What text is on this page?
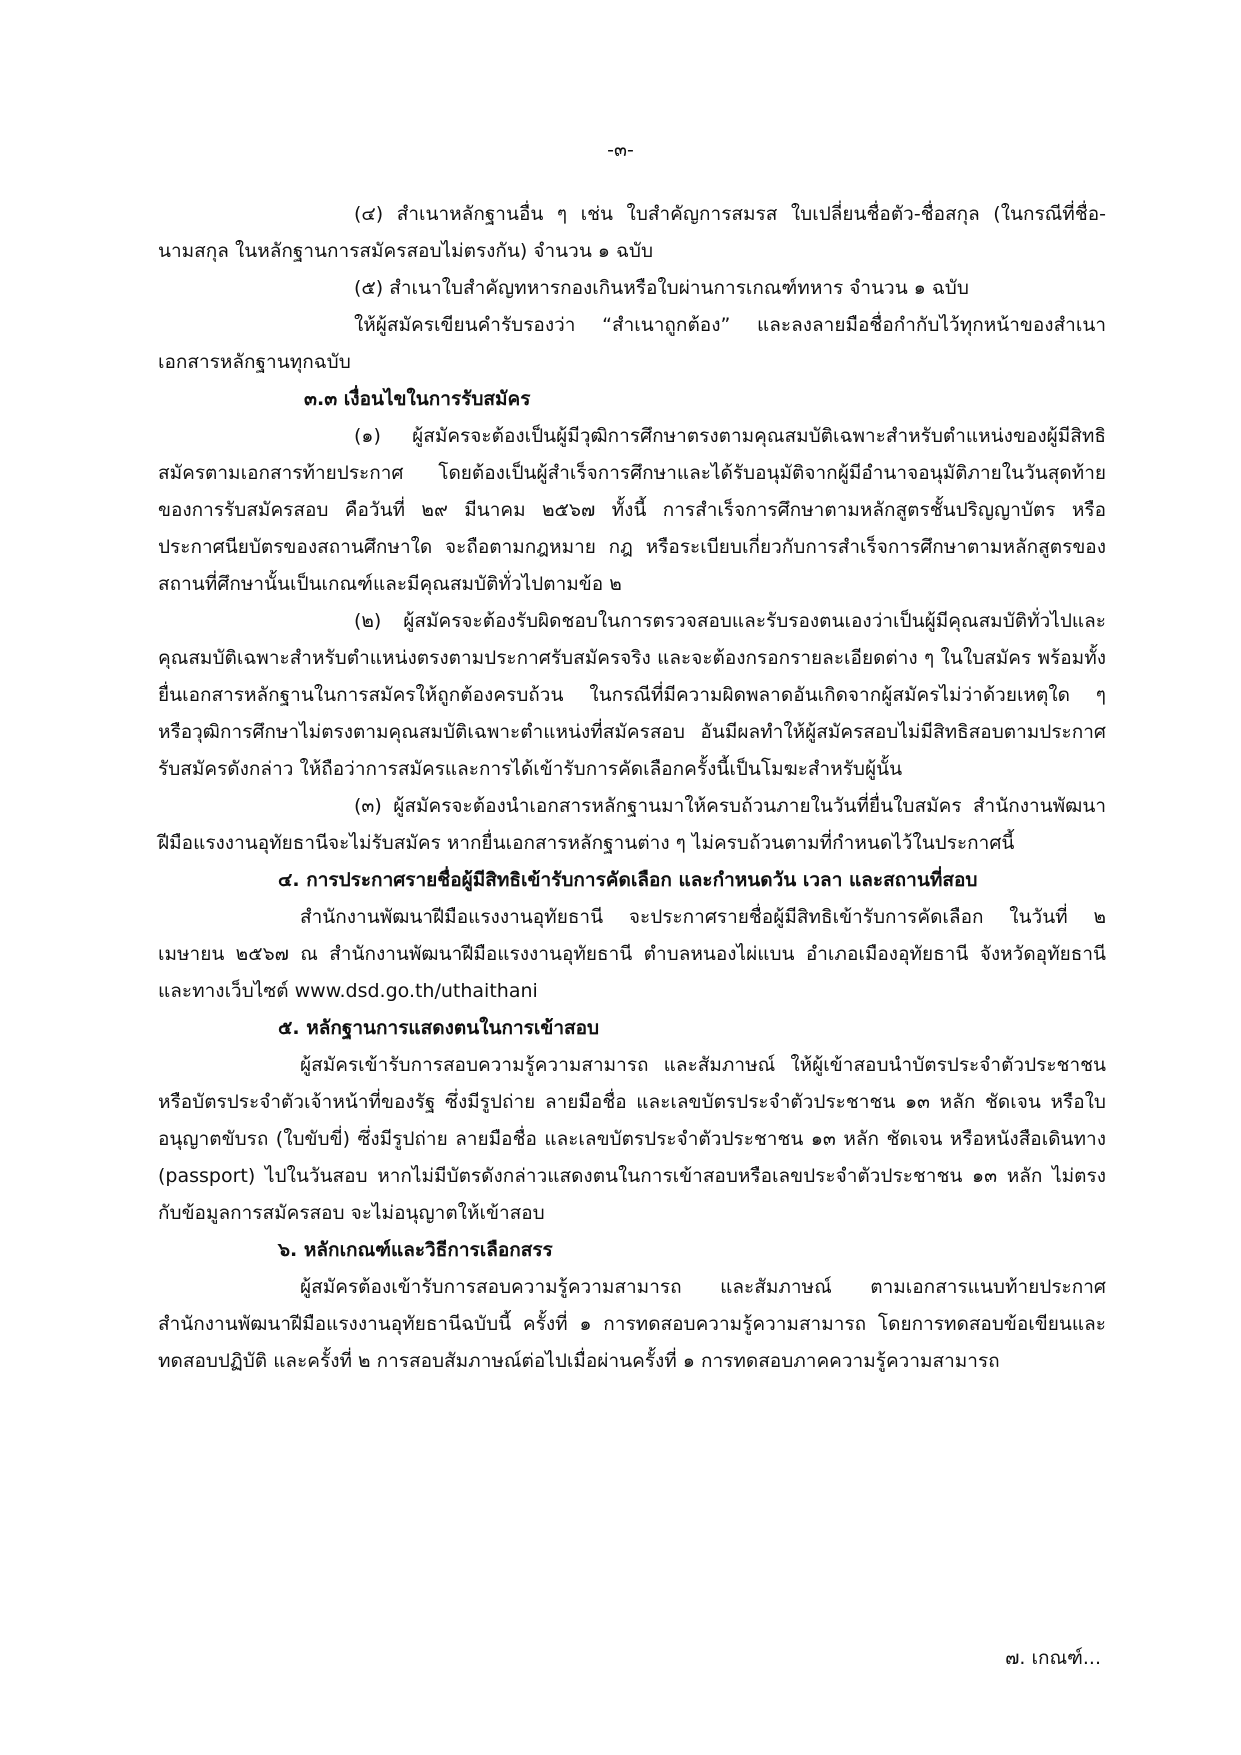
-๓-

(๔) สำเนาหลักฐานอื่น ๆ เช่น ใบสำคัญการสมรส ใบเปลี่ยนชื่อตัว-ชื่อสกุล (ในกรณีที่ชื่อ-นามสกุล ในหลักฐานการสมัครสอบไม่ตรงกัน) จำนวน ๑ ฉบับ

(๕) สำเนาใบสำคัญทหารกองเกินหรือใบผ่านการเกณฑ์ทหาร จำนวน ๑ ฉบับ

ให้ผู้สมัครเขียนคำรับรองว่า “สำเนาถูกต้อง” และลงลายมือชื่อกำกับไว้ทุกหน้าของสำเนาเอกสารหลักฐานทุกฉบับ

๓.๓ เงื่อนไขในการรับสมัคร

(๑) ผู้สมัครจะต้องเป็นผู้มีวุฒิการศึกษาตรงตามคุณสมบัติเฉพาะสำหรับตำแหน่งของผู้มีสิทธิสมัครตามเอกสารท้ายประกาศ โดยต้องเป็นผู้สำเร็จการศึกษาและได้รับอนุมัติจากผู้มีอำนาจอนุมัติภายในวันสุดท้ายของการรับสมัครสอบ คือวันที่ ๒๙ มีนาคม ๒๕๖๗ ทั้งนี้ การสำเร็จการศึกษาตามหลักสูตรชั้นปริญญาบัตร หรือประกาศนียบัตรของสถานศึกษาใด จะถือตามกฎหมาย กฎ หรือระเบียบเกี่ยวกับการสำเร็จการศึกษาตามหลักสูตรของสถานที่ศึกษานั้นเป็นเกณฑ์และมีคุณสมบัติทั่วไปตามข้อ ๒

(๒) ผู้สมัครจะต้องรับผิดชอบในการตรวจสอบและรับรองตนเองว่าเป็นผู้มีคุณสมบัติทั่วไปและคุณสมบัติเฉพาะสำหรับตำแหน่งตรงตามประกาศรับสมัครจริง และจะต้องกรอกรายละเอียดต่าง ๆ ในใบสมัคร พร้อมทั้งยื่นเอกสารหลักฐานในการสมัครให้ถูกต้องครบถ้วน ในกรณีที่มีความผิดพลาดอันเกิดจากผู้สมัครไม่ว่าด้วยเหตุใด ๆ หรือวุฒิการศึกษาไม่ตรงตามคุณสมบัติเฉพาะตำแหน่งที่สมัครสอบ อันมีผลทำให้ผู้สมัครสอบไม่มีสิทธิสอบตามประกาศรับสมัครดังกล่าว ให้ถือว่าการสมัครและการได้เข้ารับการคัดเลือกครั้งนี้เป็นโมฆะสำหรับผู้นั้น

(๓) ผู้สมัครจะต้องนำเอกสารหลักฐานมาให้ครบถ้วนภายในวันที่ยื่นใบสมัคร สำนักงานพัฒนาฝีมือแรงงานอุทัยธานีจะไม่รับสมัคร หากยื่นเอกสารหลักฐานต่าง ๆ ไม่ครบถ้วนตามที่กำหนดไว้ในประกาศนี้

๔. การประกาศรายชื่อผู้มีสิทธิเข้ารับการคัดเลือก และกำหนดวัน เวลา และสถานที่สอบ

สำนักงานพัฒนาฝีมือแรงงานอุทัยธานี จะประกาศรายชื่อผู้มีสิทธิเข้ารับการคัดเลือก ในวันที่ ๒ เมษายน ๒๕๖๗ ณ สำนักงานพัฒนาฝีมือแรงงานอุทัยธานี ตำบลหนองไผ่แบน อำเภอเมืองอุทัยธานี จังหวัดอุทัยธานี และทางเว็บไซต์ www.dsd.go.th/uthaithani

๕. หลักฐานการแสดงตนในการเข้าสอบ

ผู้สมัครเข้ารับการสอบความรู้ความสามารถ และสัมภาษณ์ ให้ผู้เข้าสอบนำบัตรประจำตัวประชาชน หรือบัตรประจำตัวเจ้าหน้าที่ของรัฐ ซึ่งมีรูปถ่าย ลายมือชื่อ และเลขบัตรประจำตัวประชาชน ๑๓ หลัก ชัดเจน หรือใบอนุญาตขับรถ (ใบขับขี่) ซึ่งมีรูปถ่าย ลายมือชื่อ และเลขบัตรประจำตัวประชาชน ๑๓ หลัก ชัดเจน หรือหนังสือเดินทาง (passport) ไปในวันสอบ หากไม่มีบัตรดังกล่าวแสดงตนในการเข้าสอบหรือเลขประจำตัวประชาชน ๑๓ หลัก ไม่ตรงกับข้อมูลการสมัครสอบ จะไม่อนุญาตให้เข้าสอบ

๖. หลักเกณฑ์และวิธีการเลือกสรร

ผู้สมัครต้องเข้ารับการสอบความรู้ความสามารถ และสัมภาษณ์ ตามเอกสารแนบท้ายประกาศสำนักงานพัฒนาฝีมือแรงงานอุทัยธานีฉบับนี้ ครั้งที่ ๑ การทดสอบความรู้ความสามารถ โดยการทดสอบข้อเขียนและทดสอบปฏิบัติ และครั้งที่ ๒ การสอบสัมภาษณ์ต่อไปเมื่อผ่านครั้งที่ ๑ การทดสอบภาคความรู้ความสามารถ

๗. เกณฑ์...
